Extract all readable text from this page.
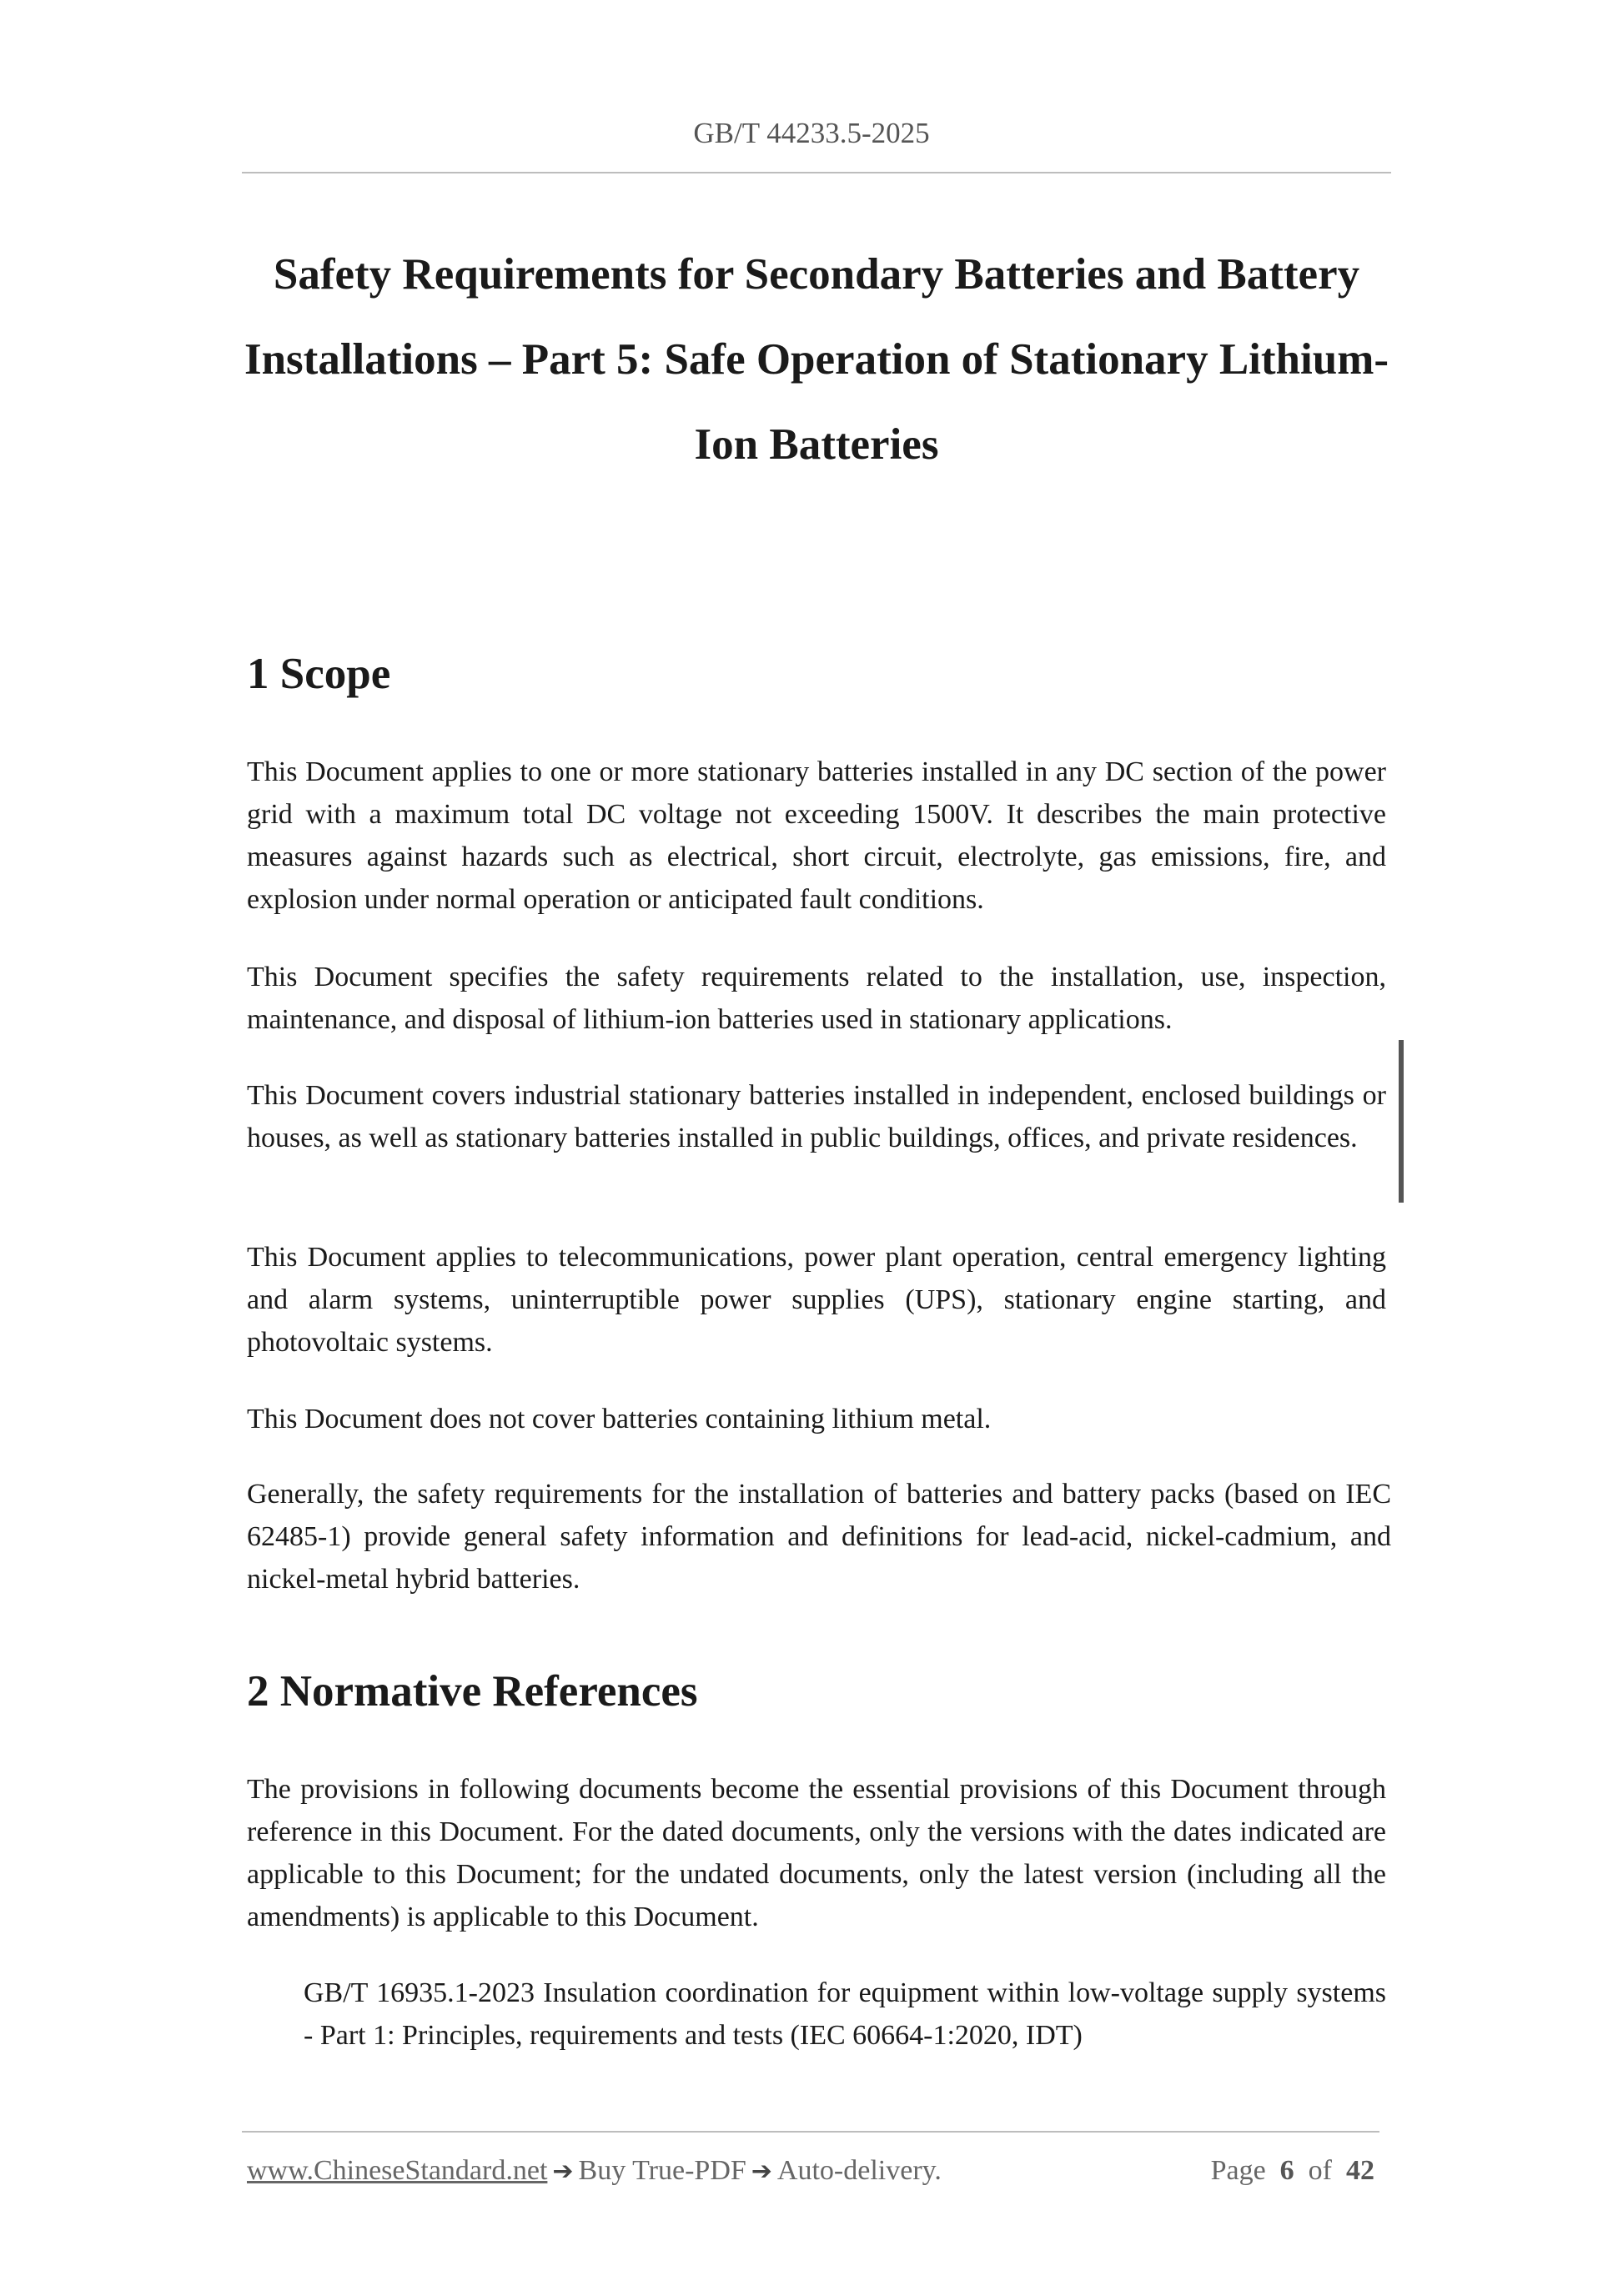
GB/T 44233.5-2025
Safety Requirements for Secondary Batteries and Battery Installations – Part 5: Safe Operation of Stationary Lithium-Ion Batteries
1 Scope

This Document applies to one or more stationary batteries installed in any DC section of the power grid with a maximum total DC voltage not exceeding 1500V. It describes the main protective measures against hazards such as electrical, short circuit, electrolyte, gas emissions, fire, and explosion under normal operation or anticipated fault conditions.

This Document specifies the safety requirements related to the installation, use, inspection, maintenance, and disposal of lithium-ion batteries used in stationary applications.

This Document covers industrial stationary batteries installed in independent, enclosed buildings or houses, as well as stationary batteries installed in public buildings, offices, and private residences.

This Document applies to telecommunications, power plant operation, central emergency lighting and alarm systems, uninterruptible power supplies (UPS), stationary engine starting, and photovoltaic systems.

This Document does not cover batteries containing lithium metal.

Generally, the safety requirements for the installation of batteries and battery packs (based on IEC 62485-1) provide general safety information and definitions for lead-acid, nickel-cadmium, and nickel-metal hybrid batteries.

2 Normative References

The provisions in following documents become the essential provisions of this Document through reference in this Document. For the dated documents, only the versions with the dates indicated are applicable to this Document; for the undated documents, only the latest version (including all the amendments) is applicable to this Document.

GB/T 16935.1-2023 Insulation coordination for equipment within low-voltage supply systems - Part 1: Principles, requirements and tests (IEC 60664-1:2020, IDT)

www.ChineseStandard.net ➔ Buy True-PDF ➔ Auto-delivery.	Page 6 of 42
